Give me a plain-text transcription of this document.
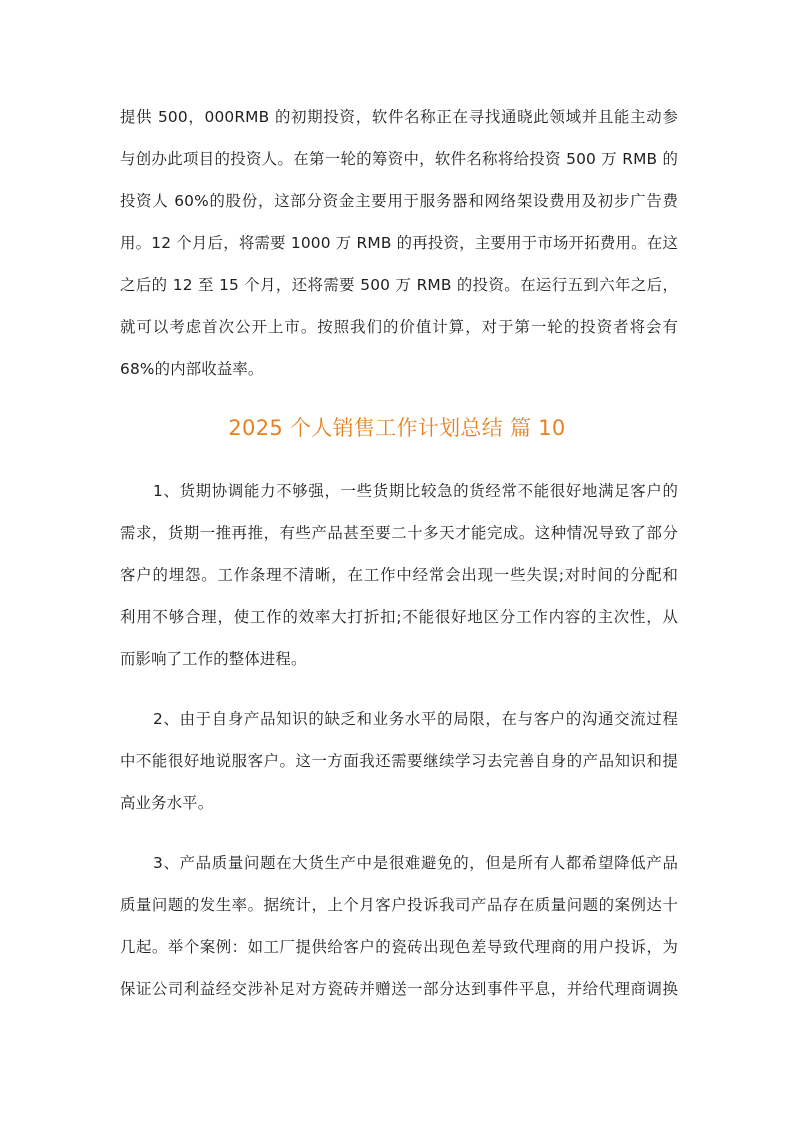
提供 500，000RMB 的初期投资，软件名称正在寻找通晓此领域并且能主动参
与创办此项目的投资人。在第一轮的筹资中，软件名称将给投资 500 万 RMB 的
投资人 60%的股份，这部分资金主要用于服务器和网络架设费用及初步广告费
用。12 个月后，将需要 1000 万 RMB 的再投资，主要用于市场开拓费用。在这
之后的 12 至 15 个月，还将需要 500 万 RMB 的投资。在运行五到六年之后，
就可以考虑首次公开上市。按照我们的价值计算，对于第一轮的投资者将会有
68%的内部收益率。
2025 个人销售工作计划总结 篇 10
1、货期协调能力不够强，一些货期比较急的货经常不能很好地满足客户的
需求，货期一推再推，有些产品甚至要二十多天才能完成。这种情况导致了部分
客户的埋怨。工作条理不清晰，在工作中经常会出现一些失误;对时间的分配和
利用不够合理，使工作的效率大打折扣;不能很好地区分工作内容的主次性，从
而影响了工作的整体进程。
2、由于自身产品知识的缺乏和业务水平的局限，在与客户的沟通交流过程
中不能很好地说服客户。这一方面我还需要继续学习去完善自身的产品知识和提
高业务水平。
3、产品质量问题在大货生产中是很难避免的，但是所有人都希望降低产品
质量问题的发生率。据统计，上个月客户投诉我司产品存在质量问题的案例达十
几起。举个案例：如工厂提供给客户的瓷砖出现色差导致代理商的用户投诉，为
保证公司利益经交涉补足对方瓷砖并赠送一部分达到事件平息，并给代理商调换
